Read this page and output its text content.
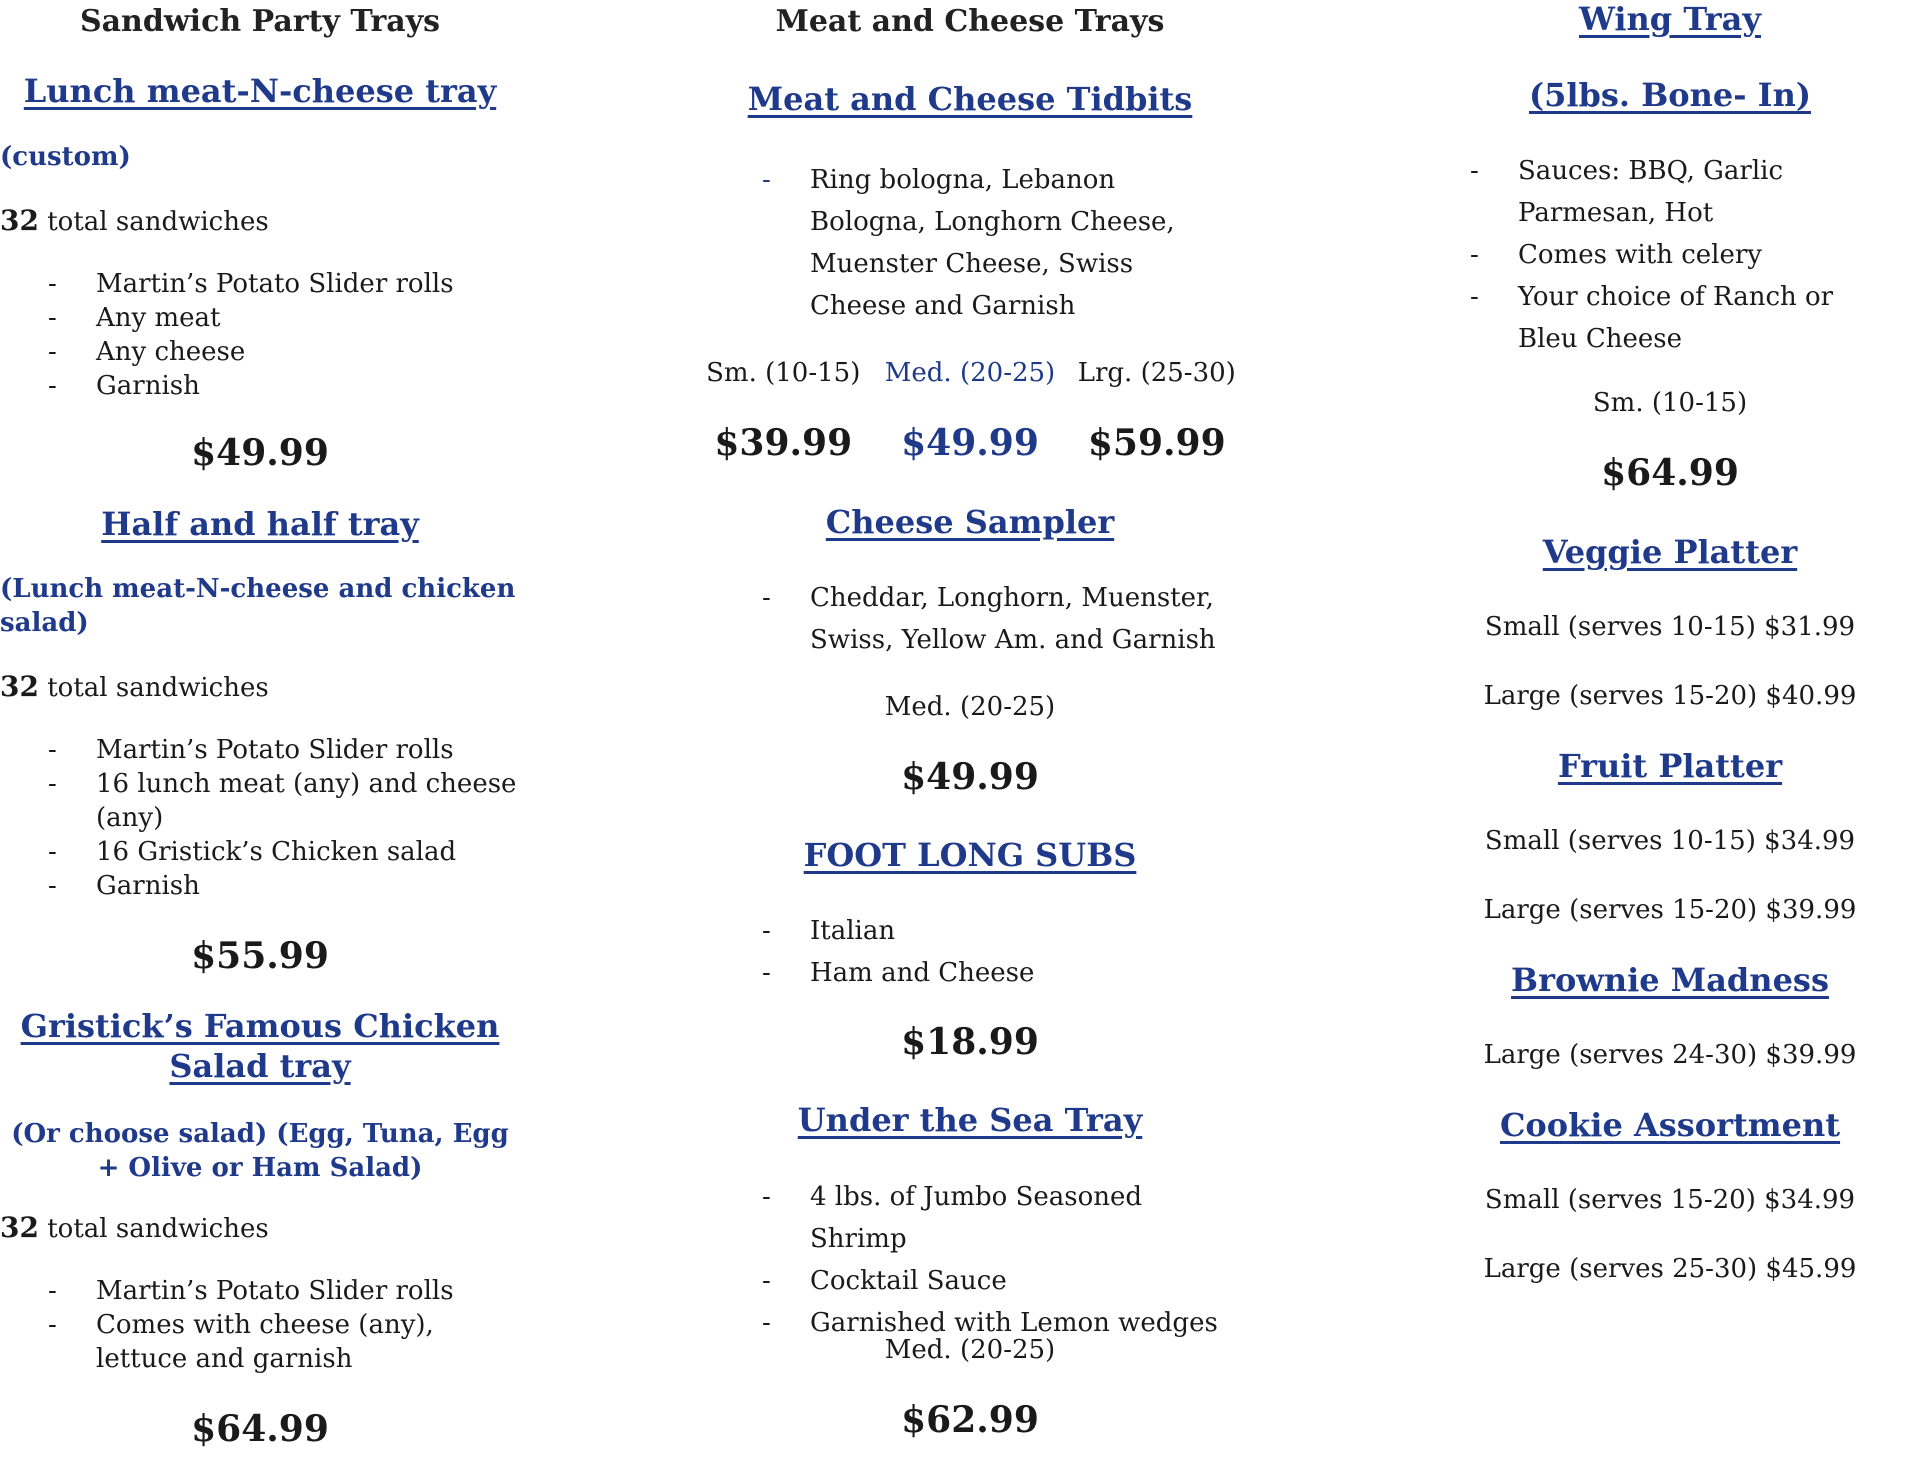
Sandwich Party Trays
Lunch meat-N-cheese tray
(custom)
32 total sandwiches
- Martin’s Potato Slider rolls
- Any meat
- Any cheese
- Garnish
$49.99
Half and half tray
(Lunch meat-N-cheese and chicken salad)
32 total sandwiches
- Martin’s Potato Slider rolls
- 16 lunch meat (any) and cheese (any)
- 16 Gristick’s Chicken salad
- Garnish
$55.99
Gristick’s Famous Chicken Salad tray
(Or choose salad) (Egg, Tuna, Egg + Olive or Ham Salad)
32 total sandwiches
- Martin’s Potato Slider rolls
- Comes with cheese (any), lettuce and garnish
$64.99
Meat and Cheese Trays
Meat and Cheese Tidbits
- Ring bologna, Lebanon Bologna, Longhorn Cheese, Muenster Cheese, Swiss Cheese and Garnish
Sm. (10-15) Med. (20-25) Lrg. (25-30)
$39.99	$49.99	$59.99
Cheese Sampler
- Cheddar, Longhorn, Muenster, Swiss, Yellow Am. and Garnish
Med. (20-25)
$49.99
FOOT LONG SUBS
- Italian
- Ham and Cheese
$18.99
Under the Sea Tray
- 4 lbs. of Jumbo Seasoned Shrimp
- Cocktail Sauce
- Garnished with Lemon wedges
Med. (20-25)
$62.99
Wing Tray
(5lbs. Bone- In)
- Sauces: BBQ, Garlic Parmesan, Hot
- Comes with celery
- Your choice of Ranch or Bleu Cheese
Sm. (10-15)
$64.99
Veggie Platter
Small (serves 10-15) $31.99
Large (serves 15-20) $40.99
Fruit Platter
Small (serves 10-15) $34.99
Large (serves 15-20) $39.99
Brownie Madness
Large (serves 24-30) $39.99
Cookie Assortment
Small (serves 15-20) $34.99
Large (serves 25-30) $45.99
